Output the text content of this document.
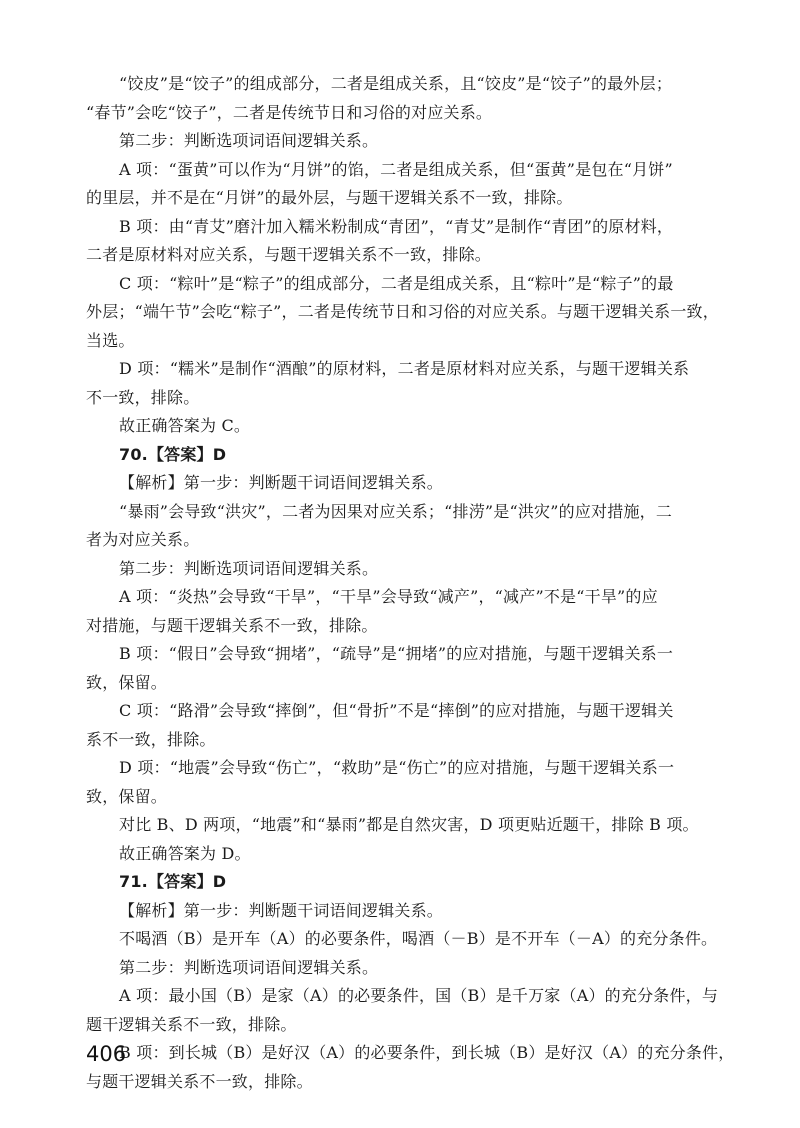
“饺皮”是“饺子”的组成部分，二者是组成关系，且“饺皮”是“饺子”的最外层；
“春节”会吃“饺子”，二者是传统节日和习俗的对应关系。
第二步：判断选项词语间逻辑关系。
A 项：“蛋黄”可以作为“月饼”的馅，二者是组成关系，但“蛋黄”是包在“月饼”
的里层，并不是在“月饼”的最外层，与题干逻辑关系不一致，排除。
B 项：由“青艾”磨汁加入糯米粉制成“青团”，“青艾”是制作“青团”的原材料，
二者是原材料对应关系，与题干逻辑关系不一致，排除。
C 项：“粽叶”是“粽子”的组成部分，二者是组成关系，且“粽叶”是“粽子”的最
外层；“端午节”会吃“粽子”，二者是传统节日和习俗的对应关系。与题干逻辑关系一致，
当选。
D 项：“糯米”是制作“酒酿”的原材料，二者是原材料对应关系，与题干逻辑关系
不一致，排除。
故正确答案为 C。
70.【答案】D
【解析】第一步：判断题干词语间逻辑关系。
“暴雨”会导致“洪灾”，二者为因果对应关系；“排涝”是“洪灾”的应对措施，二
者为对应关系。
第二步：判断选项词语间逻辑关系。
A 项：“炎热”会导致“干旱”，“干旱”会导致“减产”，“减产”不是“干旱”的应
对措施，与题干逻辑关系不一致，排除。
B 项：“假日”会导致“拥堵”，“疏导”是“拥堵”的应对措施，与题干逻辑关系一
致，保留。
C 项：“路滑”会导致“摔倒”，但“骨折”不是“摔倒”的应对措施，与题干逻辑关
系不一致，排除。
D 项：“地震”会导致“伤亡”，“救助”是“伤亡”的应对措施，与题干逻辑关系一
致，保留。
对比 B、D 两项，“地震”和“暴雨”都是自然灾害，D 项更贴近题干，排除 B 项。
故正确答案为 D。
71.【答案】D
【解析】第一步：判断题干词语间逻辑关系。
不喝酒（B）是开车（A）的必要条件，喝酒（－B）是不开车（－A）的充分条件。
第二步：判断选项词语间逻辑关系。
A 项：最小国（B）是家（A）的必要条件，国（B）是千万家（A）的充分条件，与
题干逻辑关系不一致，排除。
B 项：到长城（B）是好汉（A）的必要条件，到长城（B）是好汉（A）的充分条件，
与题干逻辑关系不一致，排除。
406
